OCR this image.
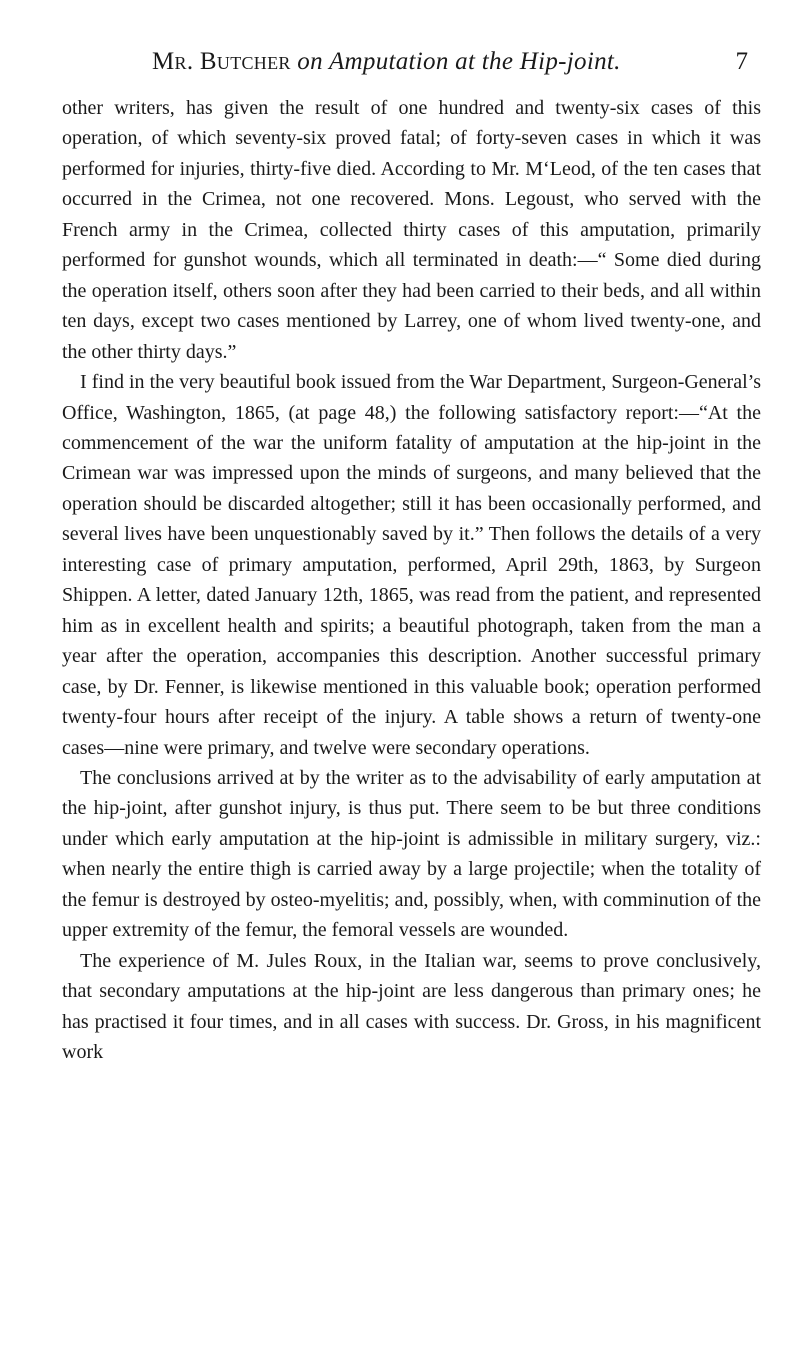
Mr. Butcher on Amputation at the Hip-joint.	7

other writers, has given the result of one hundred and twenty-six cases of this operation, of which seventy-six proved fatal; of forty-seven cases in which it was performed for injuries, thirty-five died. According to Mr. M‘Leod, of the ten cases that occurred in the Crimea, not one recovered. Mons. Legoust, who served with the French army in the Crimea, collected thirty cases of this amputation, primarily performed for gunshot wounds, which all terminated in death:—“ Some died during the operation itself, others soon after they had been carried to their beds, and all within ten days, except two cases mentioned by Larrey, one of whom lived twenty-one, and the other thirty days.”

I find in the very beautiful book issued from the War Department, Surgeon-General’s Office, Washington, 1865, (at page 48,) the following satisfactory report:—“At the commencement of the war the uniform fatality of amputation at the hip-joint in the Crimean war was impressed upon the minds of surgeons, and many believed that the operation should be discarded altogether; still it has been occasionally performed, and several lives have been unquestionably saved by it.” Then follows the details of a very interesting case of primary amputation, performed, April 29th, 1863, by Surgeon Shippen. A letter, dated January 12th, 1865, was read from the patient, and represented him as in excellent health and spirits; a beautiful photograph, taken from the man a year after the operation, accompanies this description. Another successful primary case, by Dr. Fenner, is likewise mentioned in this valuable book; operation performed twenty-four hours after receipt of the injury. A table shows a return of twenty-one cases—nine were primary, and twelve were secondary operations.

The conclusions arrived at by the writer as to the advisability of early amputation at the hip-joint, after gunshot injury, is thus put. There seem to be but three conditions under which early amputation at the hip-joint is admissible in military surgery, viz.: when nearly the entire thigh is carried away by a large projectile; when the totality of the femur is destroyed by osteo-myelitis; and, possibly, when, with comminution of the upper extremity of the femur, the femoral vessels are wounded.

The experience of M. Jules Roux, in the Italian war, seems to prove conclusively, that secondary amputations at the hip-joint are less dangerous than primary ones; he has practised it four times, and in all cases with success. Dr. Gross, in his magnificent work
